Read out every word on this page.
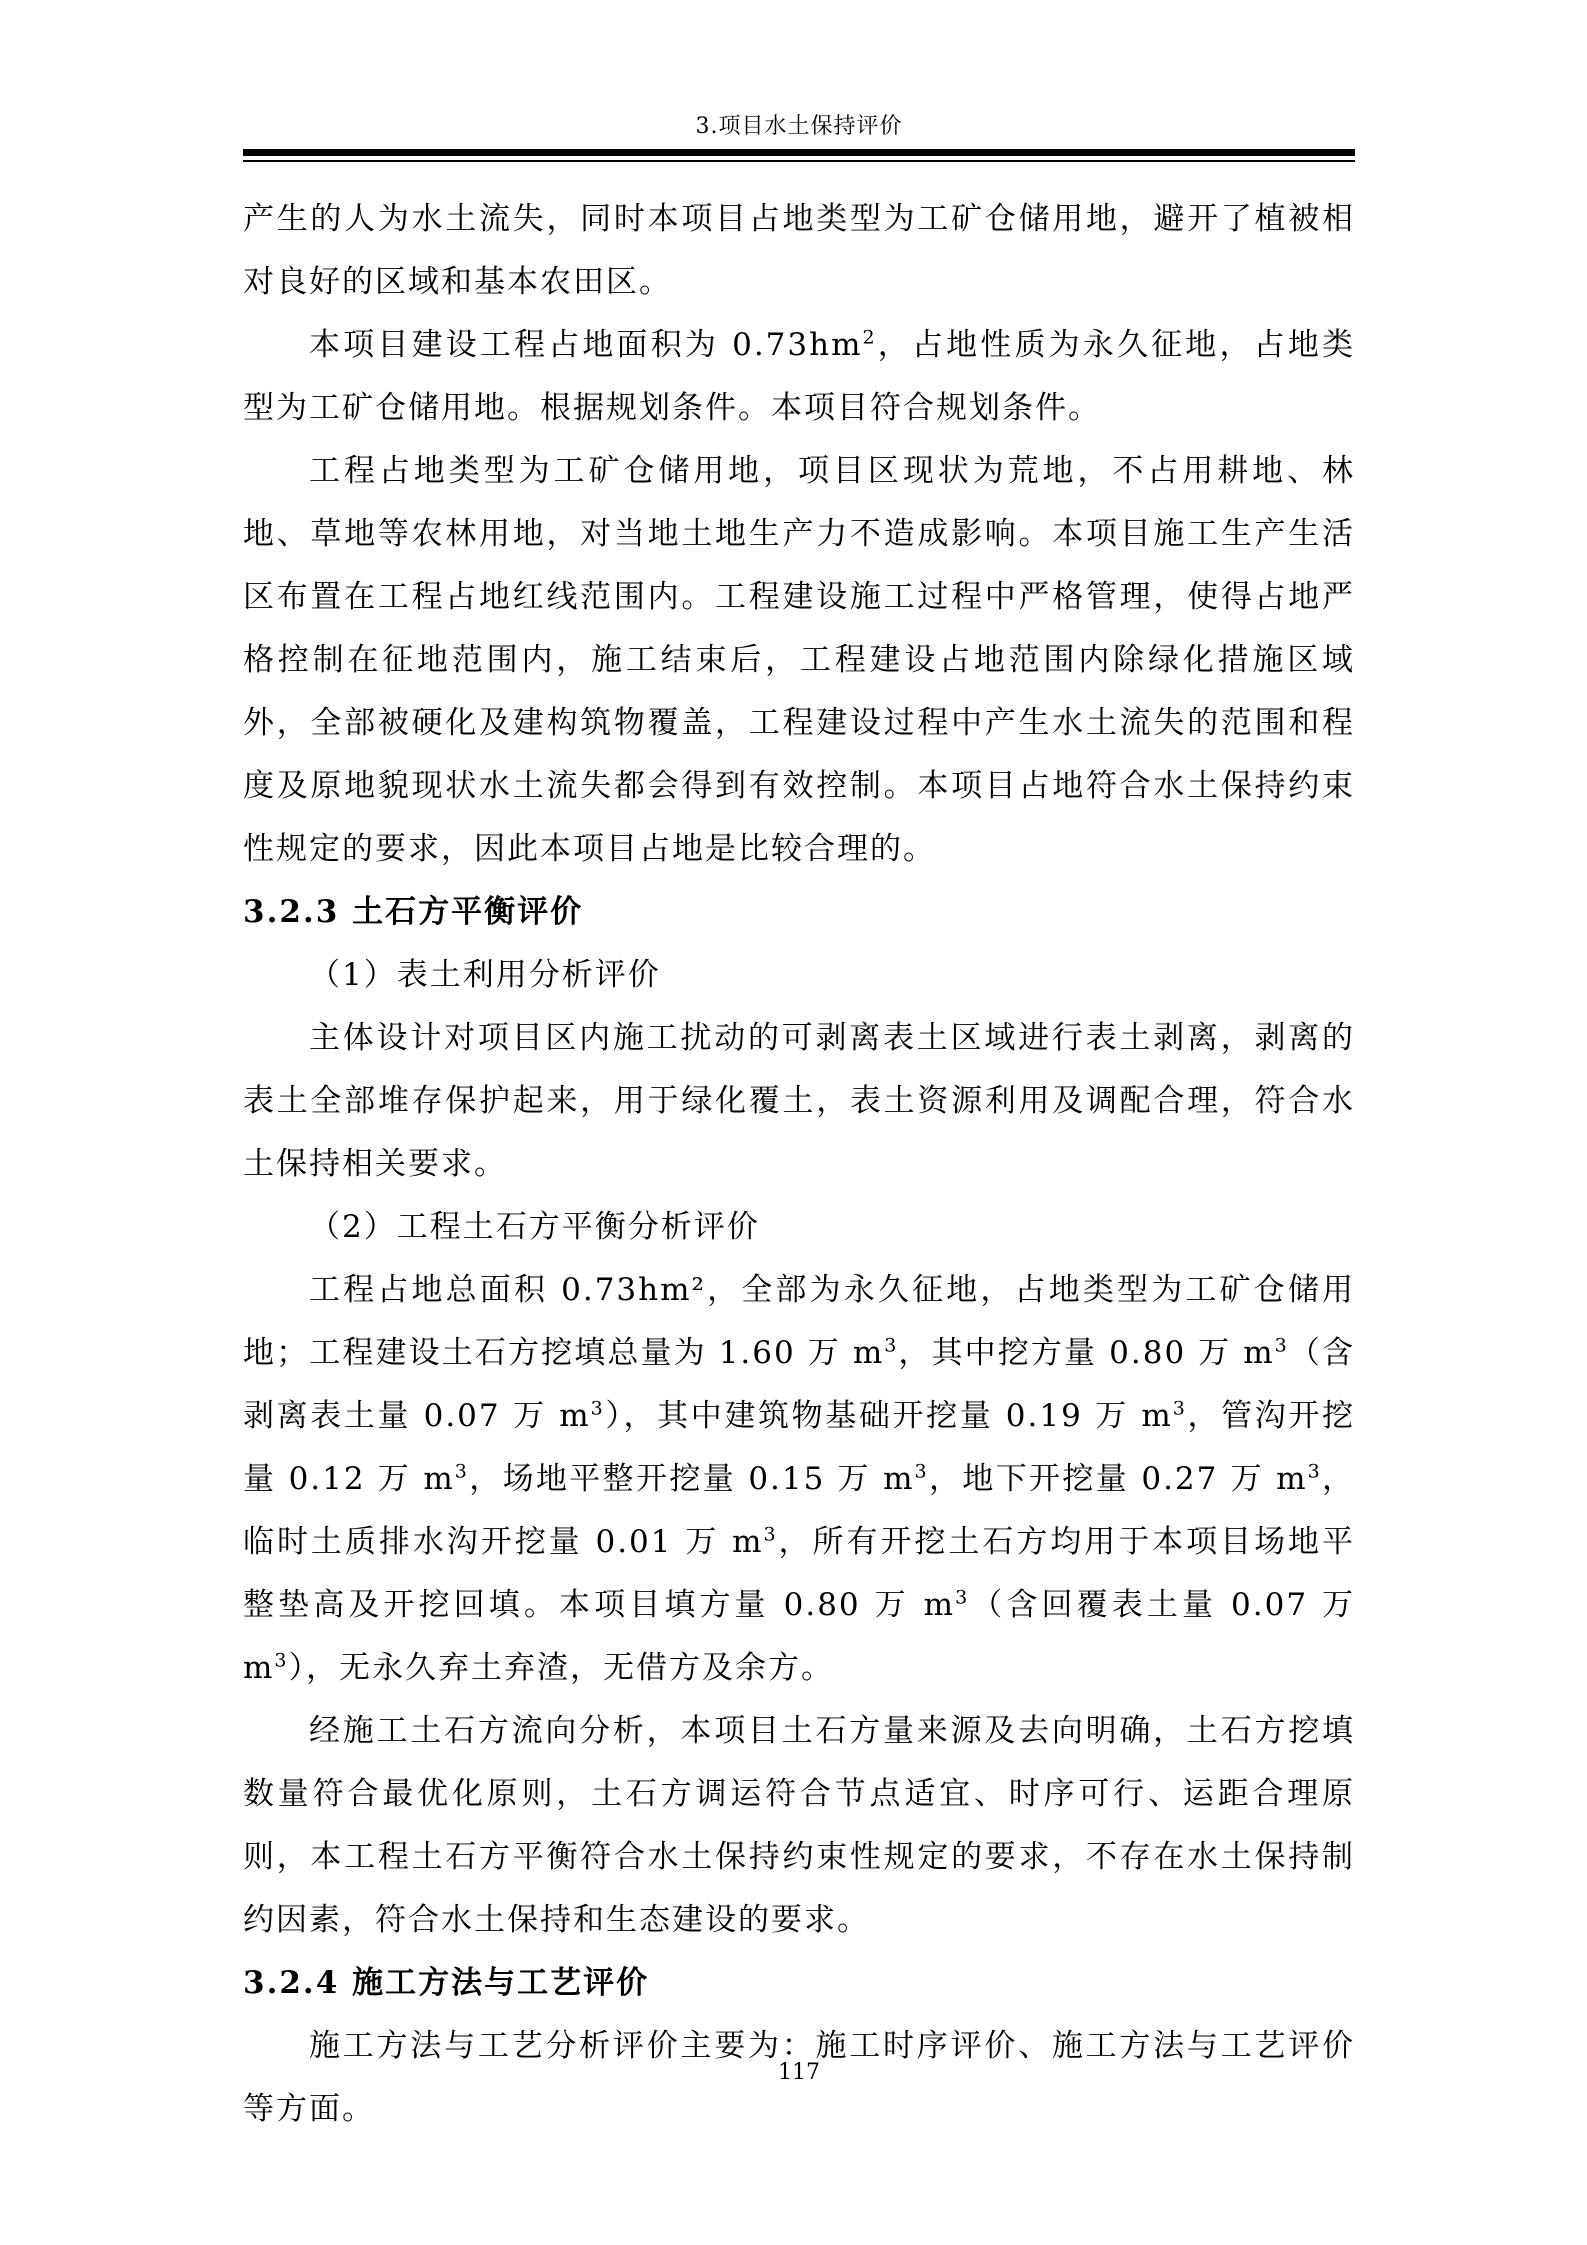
3.项目水土保持评价

产生的人为水土流失，同时本项目占地类型为工矿仓储用地，避开了植被相对良好的区域和基本农田区。

本项目建设工程占地面积为 $0.73hm^2$，占地性质为永久征地，占地类型为工矿仓储用地。根据规划条件。本项目符合规划条件。

工程占地类型为工矿仓储用地，项目区现状为荒地，不占用耕地、林地、草地等农林用地，对当地土地生产力不造成影响。本项目施工生产生活区布置在工程占地红线范围内。工程建设施工过程中严格管理，使得占地严格控制在征地范围内，施工结束后，工程建设占地范围内除绿化措施区域外，全部被硬化及建构筑物覆盖，工程建设过程中产生水土流失的范围和程度及原地貌现状水土流失都会得到有效控制。本项目占地符合水土保持约束性规定的要求，因此本项目占地是比较合理的。

3.2.3 土石方平衡评价

（1）表土利用分析评价

主体设计对项目区内施工扰动的可剥离表土区域进行表土剥离，剥离的表土全部堆存保护起来，用于绿化覆土，表土资源利用及调配合理，符合水土保持相关要求。

（2）工程土石方平衡分析评价

工程占地总面积 0.73hm²，全部为永久征地，占地类型为工矿仓储用地；工程建设土石方挖填总量为 1.60 万 $m^3$，其中挖方量 0.80 万 $m^3$（含剥离表土量 0.07 万 $m^3$），其中建筑物基础开挖量 0.19 万 $m^3$，管沟开挖量 0.12 万 $m^3$，场地平整开挖量 0.15 万 $m^3$，地下开挖量 0.27 万 $m^3$，临时土质排水沟开挖量 0.01 万 $m^3$，所有开挖土石方均用于本项目场地平整垫高及开挖回填。本项目填方量 0.80 万 $m^3$（含回覆表土量 0.07 万 $m^3$），无永久弃土弃渣，无借方及余方。

经施工土石方流向分析，本项目土石方量来源及去向明确，土石方挖填数量符合最优化原则，土石方调运符合节点适宜、时序可行、运距合理原则，本工程土石方平衡符合水土保持约束性规定的要求，不存在水土保持制约因素，符合水土保持和生态建设的要求。

3.2.4 施工方法与工艺评价

施工方法与工艺分析评价主要为：施工时序评价、施工方法与工艺评价等方面。

117
